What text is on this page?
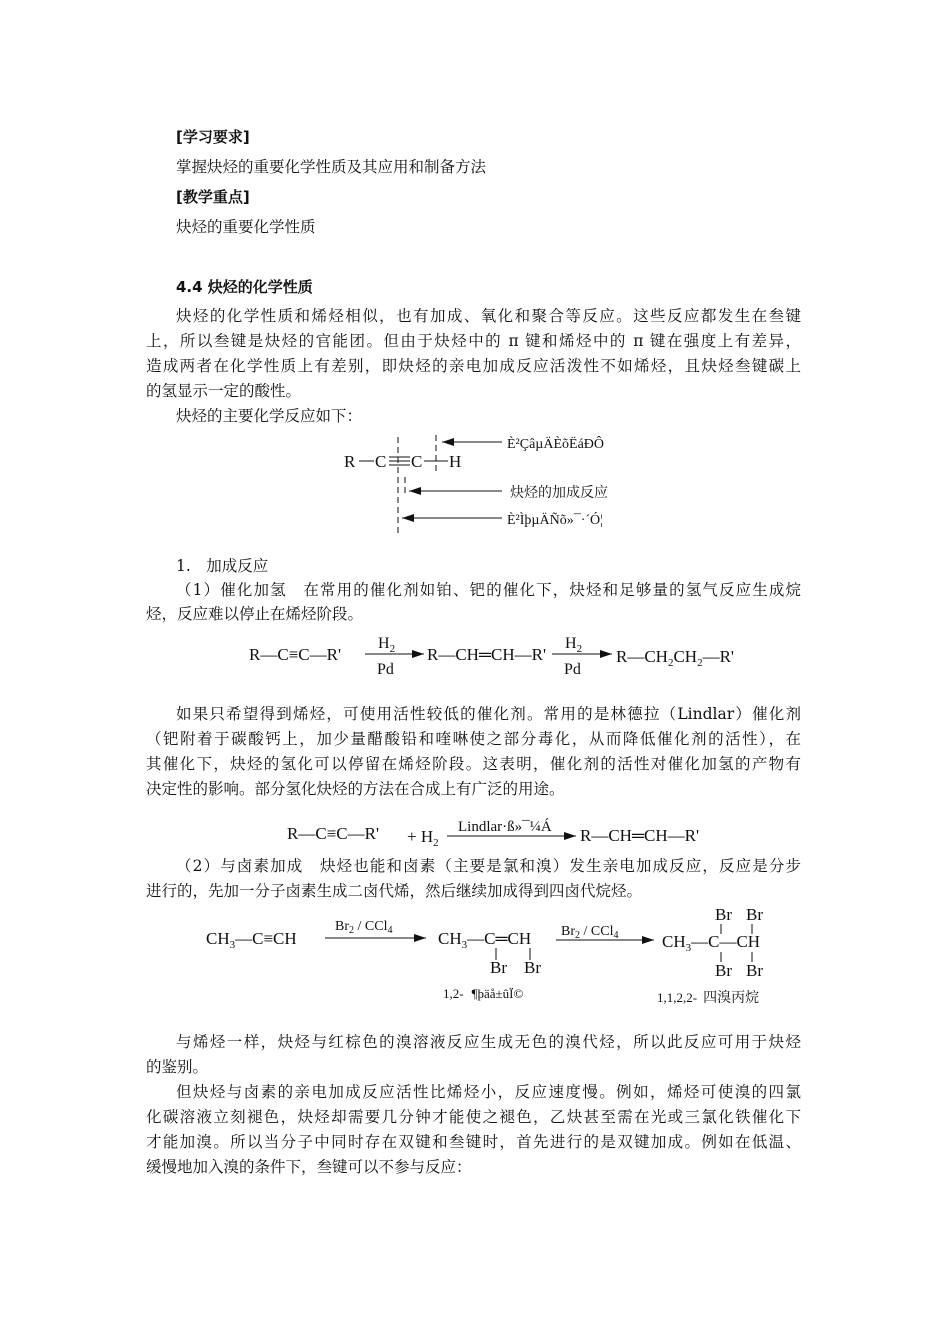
[学习要求]
掌握炔烃的重要化学性质及其应用和制备方法
[教学重点]
炔烃的重要化学性质
4.4 炔烃的化学性质
炔烃的化学性质和烯烃相似，也有加成、氧化和聚合等反应。这些反应都发生在叁键
上，所以叁键是炔烃的官能团。但由于炔烃中的 π 键和烯烃中的 π 键在强度上有差异，
造成两者在化学性质上有差别，即炔烃的亲电加成反应活泼性不如烯烃，且炔烃叁键碳上
的氢显示一定的酸性。
炔烃的主要化学反应如下：
R C C H
È²ÇâµÄÈõËáÐÔ
炔烃的加成反应
È²ÌþµÄÑõ»¯·´Ó¦
1.　加成反应
（1）催化加氢　在常用的催化剂如铂、钯的催化下，炔烃和足够量的氢气反应生成烷
烃，反应难以停止在烯烃阶段。
R—C≡C—R'
$H_2$
Pd
R—CH═CH—R'
$H_2$
Pd
$R—CH_2CH_2—R'$
如果只希望得到烯烃，可使用活性较低的催化剂。常用的是林德拉（Lindlar）催化剂
（钯附着于碳酸钙上，加少量醋酸铅和喹啉使之部分毒化，从而降低催化剂的活性），在
其催化下，炔烃的氢化可以停留在烯烃阶段。这表明，催化剂的活性对催化加氢的产物有
决定性的影响。部分氢化炔烃的方法在合成上有广泛的用途。
R—C≡C—R' + $H_2$
Lindlar·ß»¯¼Á R—CH═CH—R'
（2）与卤素加成　炔烃也能和卤素（主要是氯和溴）发生亲电加成反应，反应是分步
进行的，先加一分子卤素生成二卤代烯，然后继续加成得到四卤代烷烃。
$CH_3—C\equiv CH$
$Br_2 / CCl_4$	$CH_3—C═CH$
Br Br
$Br_2 / CCl_4$	$CH_3—C—CH$
Br Br
Br Br
1,2- ¶þäå±ûÏ©	1,1,2,2- 四溴丙烷
与烯烃一样，炔烃与红棕色的溴溶液反应生成无色的溴代烃，所以此反应可用于炔烃
的鉴别。
但炔烃与卤素的亲电加成反应活性比烯烃小，反应速度慢。例如，烯烃可使溴的四氯
化碳溶液立刻褪色，炔烃却需要几分钟才能使之褪色，乙炔甚至需在光或三氯化铁催化下
才能加溴。所以当分子中同时存在双键和叁键时，首先进行的是双键加成。例如在低温、
缓慢地加入溴的条件下，叁键可以不参与反应：
